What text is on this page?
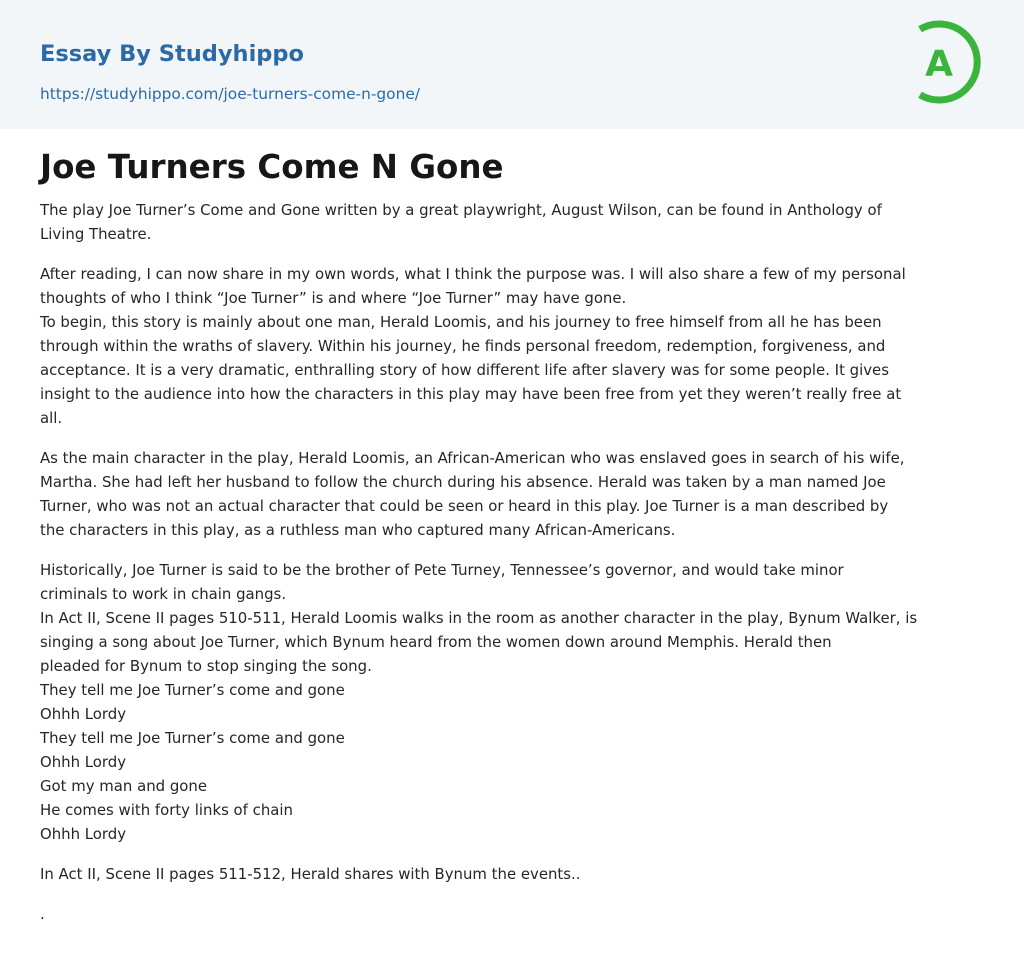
Essay By Studyhippo
https://studyhippo.com/joe-turners-come-n-gone/
A
Joe Turners Come N Gone

The play Joe Turner’s Come and Gone written by a great playwright, August Wilson, can be found in Anthology of
Living Theatre.

After reading, I can now share in my own words, what I think the purpose was. I will also share a few of my personal
thoughts of who I think “Joe Turner” is and where “Joe Turner” may have gone.
To begin, this story is mainly about one man, Herald Loomis, and his journey to free himself from all he has been
through within the wraths of slavery. Within his journey, he finds personal freedom, redemption, forgiveness, and
acceptance. It is a very dramatic, enthralling story of how different life after slavery was for some people. It gives
insight to the audience into how the characters in this play may have been free from yet they weren’t really free at
all.

As the main character in the play, Herald Loomis, an African-American who was enslaved goes in search of his wife,
Martha. She had left her husband to follow the church during his absence. Herald was taken by a man named Joe
Turner, who was not an actual character that could be seen or heard in this play. Joe Turner is a man described by
the characters in this play, as a ruthless man who captured many African-Americans.

Historically, Joe Turner is said to be the brother of Pete Turney, Tennessee’s governor, and would take minor
criminals to work in chain gangs.
In Act II, Scene II pages 510-511, Herald Loomis walks in the room as another character in the play, Bynum Walker, is
singing a song about Joe Turner, which Bynum heard from the women down around Memphis. Herald then
pleaded for Bynum to stop singing the song.
They tell me Joe Turner’s come and gone
Ohhh Lordy
They tell me Joe Turner’s come and gone
Ohhh Lordy
Got my man and gone
He comes with forty links of chain
Ohhh Lordy

In Act II, Scene II pages 511-512, Herald shares with Bynum the events..

.
